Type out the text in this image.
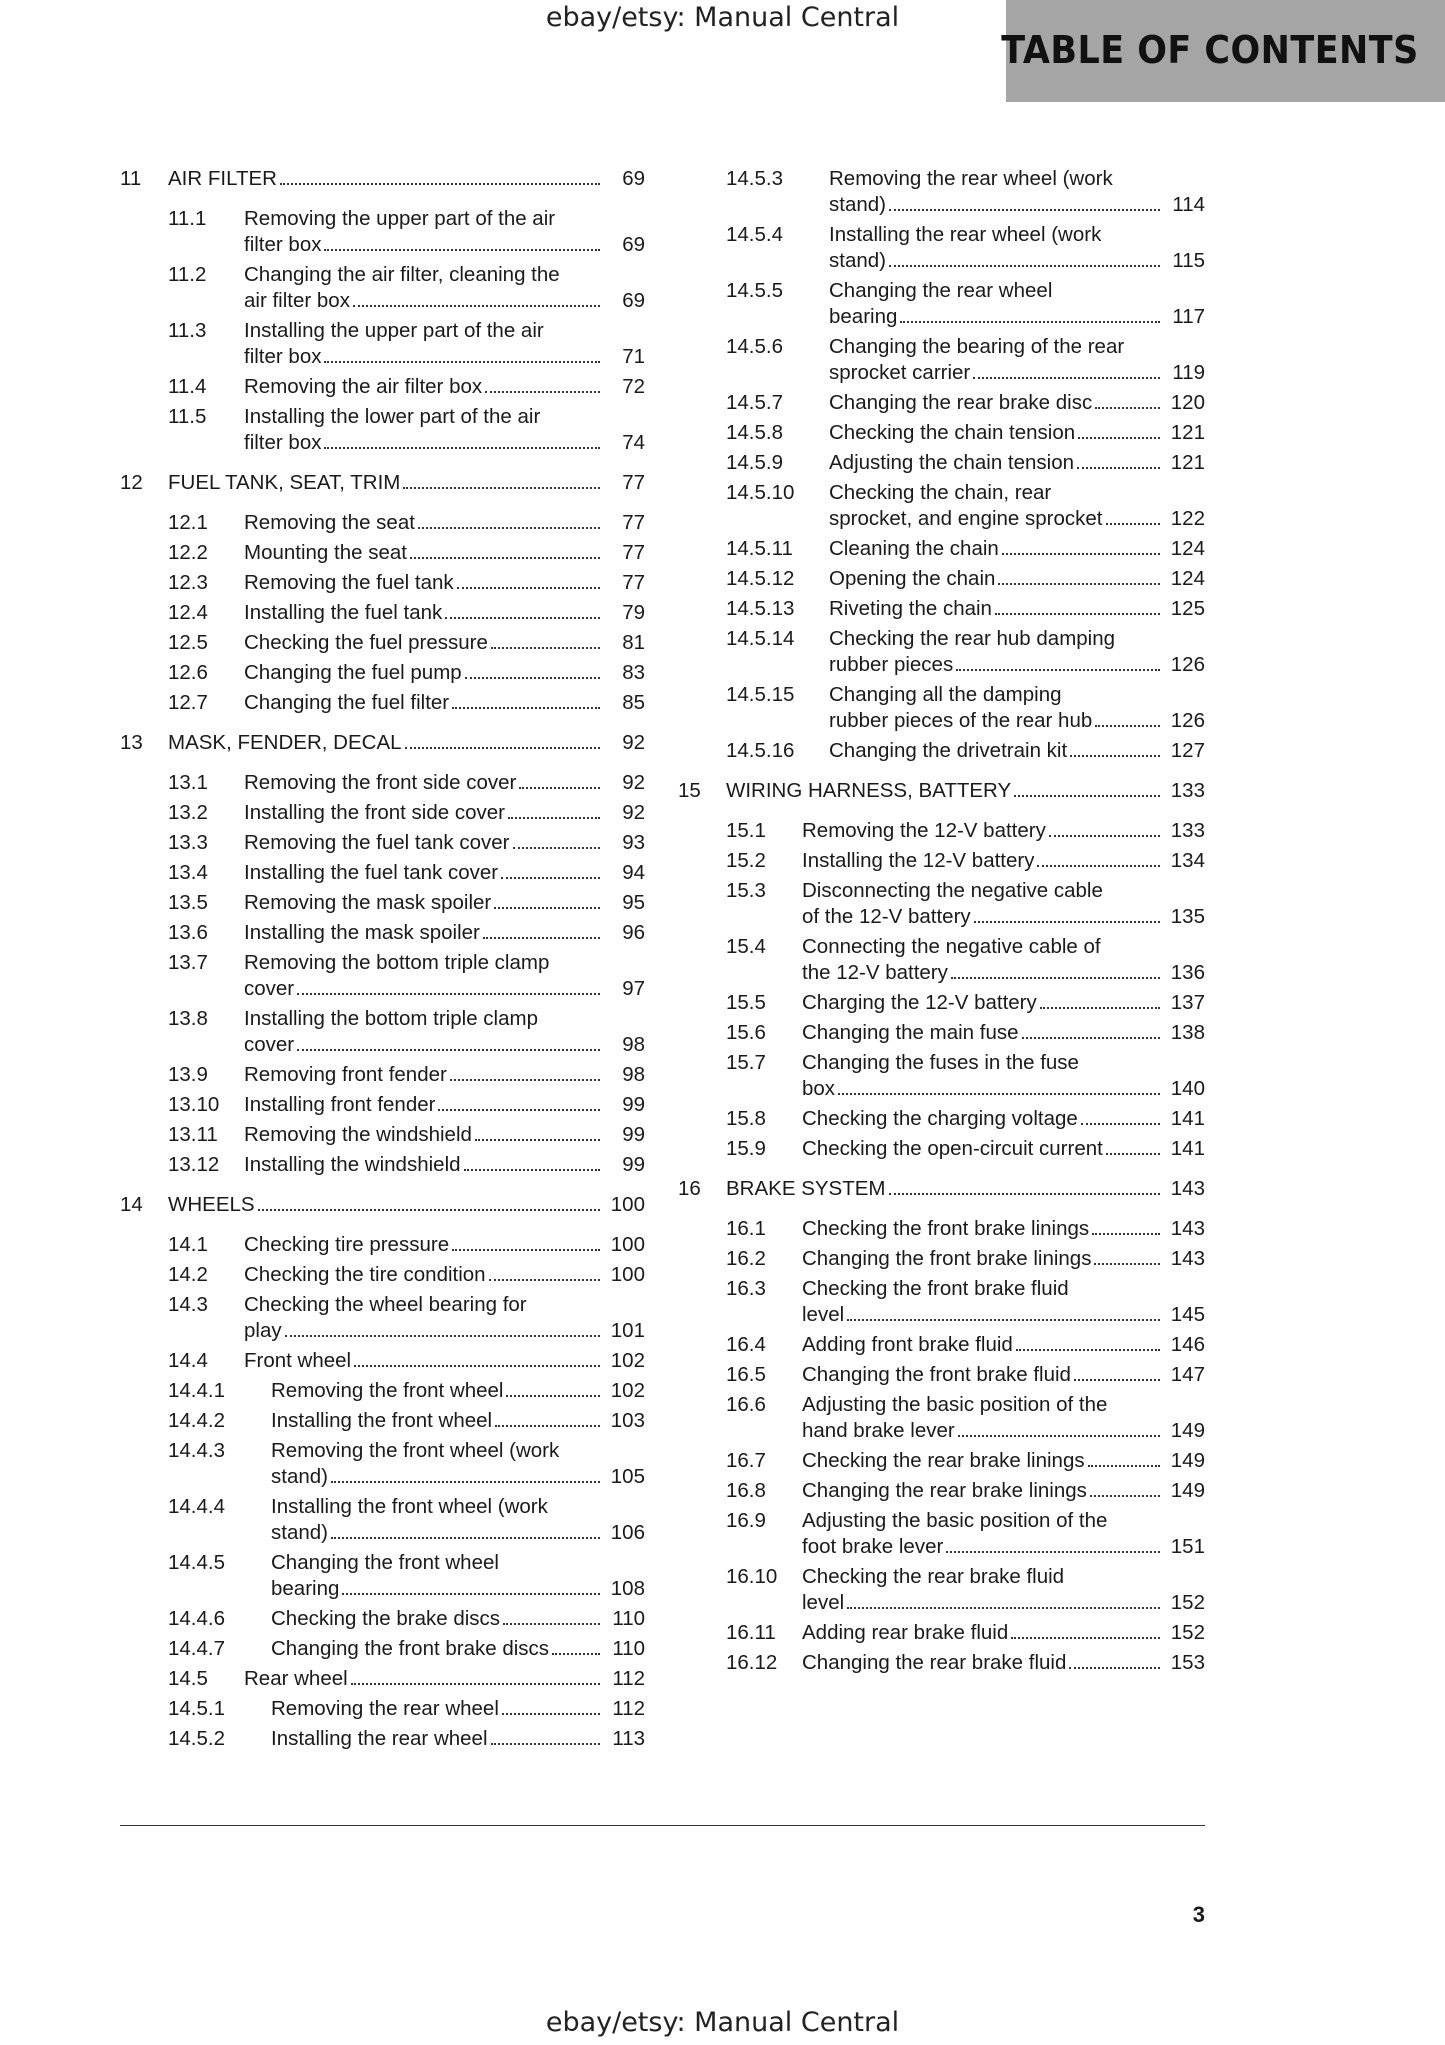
ebay/etsy: Manual Central
TABLE OF CONTENTS
11	AIR FILTER	69
11.1	Removing the upper part of the air
filter box	69
11.2	Changing the air filter, cleaning the
air filter box	69
11.3	Installing the upper part of the air
filter box	71
11.4	Removing the air filter box	72
11.5	Installing the lower part of the air
filter box	74
12	FUEL TANK, SEAT, TRIM	77
12.1	Removing the seat	77
12.2	Mounting the seat	77
12.3	Removing the fuel tank	77
12.4	Installing the fuel tank	79
12.5	Checking the fuel pressure	81
12.6	Changing the fuel pump	83
12.7	Changing the fuel filter	85
13	MASK, FENDER, DECAL	92
13.1	Removing the front side cover	92
13.2	Installing the front side cover	92
13.3	Removing the fuel tank cover	93
13.4	Installing the fuel tank cover	94
13.5	Removing the mask spoiler	95
13.6	Installing the mask spoiler	96
13.7	Removing the bottom triple clamp
cover	97
13.8	Installing the bottom triple clamp
cover	98
13.9	Removing front fender	98
13.10	Installing front fender	99
13.11	Removing the windshield	99
13.12	Installing the windshield	99
14	WHEELS	100
14.1	Checking tire pressure	100
14.2	Checking the tire condition	100
14.3	Checking the wheel bearing for
play	101
14.4	Front wheel	102
14.4.1	Removing the front wheel	102
14.4.2	Installing the front wheel	103
14.4.3	Removing the front wheel (work
stand)	105
14.4.4	Installing the front wheel (work
stand)	106
14.4.5	Changing the front wheel
bearing	108
14.4.6	Checking the brake discs	110
14.4.7	Changing the front brake discs	110
14.5	Rear wheel	112
14.5.1	Removing the rear wheel	112
14.5.2	Installing the rear wheel	113
14.5.3	Removing the rear wheel (work
stand)	114
14.5.4	Installing the rear wheel (work
stand)	115
14.5.5	Changing the rear wheel
bearing	117
14.5.6	Changing the bearing of the rear
sprocket carrier	119
14.5.7	Changing the rear brake disc	120
14.5.8	Checking the chain tension	121
14.5.9	Adjusting the chain tension	121
14.5.10	Checking the chain, rear
sprocket, and engine sprocket	122
14.5.11	Cleaning the chain	124
14.5.12	Opening the chain	124
14.5.13	Riveting the chain	125
14.5.14	Checking the rear hub damping
rubber pieces	126
14.5.15	Changing all the damping
rubber pieces of the rear hub	126
14.5.16	Changing the drivetrain kit	127
15	WIRING HARNESS, BATTERY	133
15.1	Removing the 12-V battery	133
15.2	Installing the 12-V battery	134
15.3	Disconnecting the negative cable
of the 12-V battery	135
15.4	Connecting the negative cable of
the 12-V battery	136
15.5	Charging the 12-V battery	137
15.6	Changing the main fuse	138
15.7	Changing the fuses in the fuse
box	140
15.8	Checking the charging voltage	141
15.9	Checking the open-circuit current	141
16	BRAKE SYSTEM	143
16.1	Checking the front brake linings	143
16.2	Changing the front brake linings	143
16.3	Checking the front brake fluid
level	145
16.4	Adding front brake fluid	146
16.5	Changing the front brake fluid	147
16.6	Adjusting the basic position of the
hand brake lever	149
16.7	Checking the rear brake linings	149
16.8	Changing the rear brake linings	149
16.9	Adjusting the basic position of the
foot brake lever	151
16.10	Checking the rear brake fluid
level	152
16.11	Adding rear brake fluid	152
16.12	Changing the rear brake fluid	153
3
ebay/etsy: Manual Central
